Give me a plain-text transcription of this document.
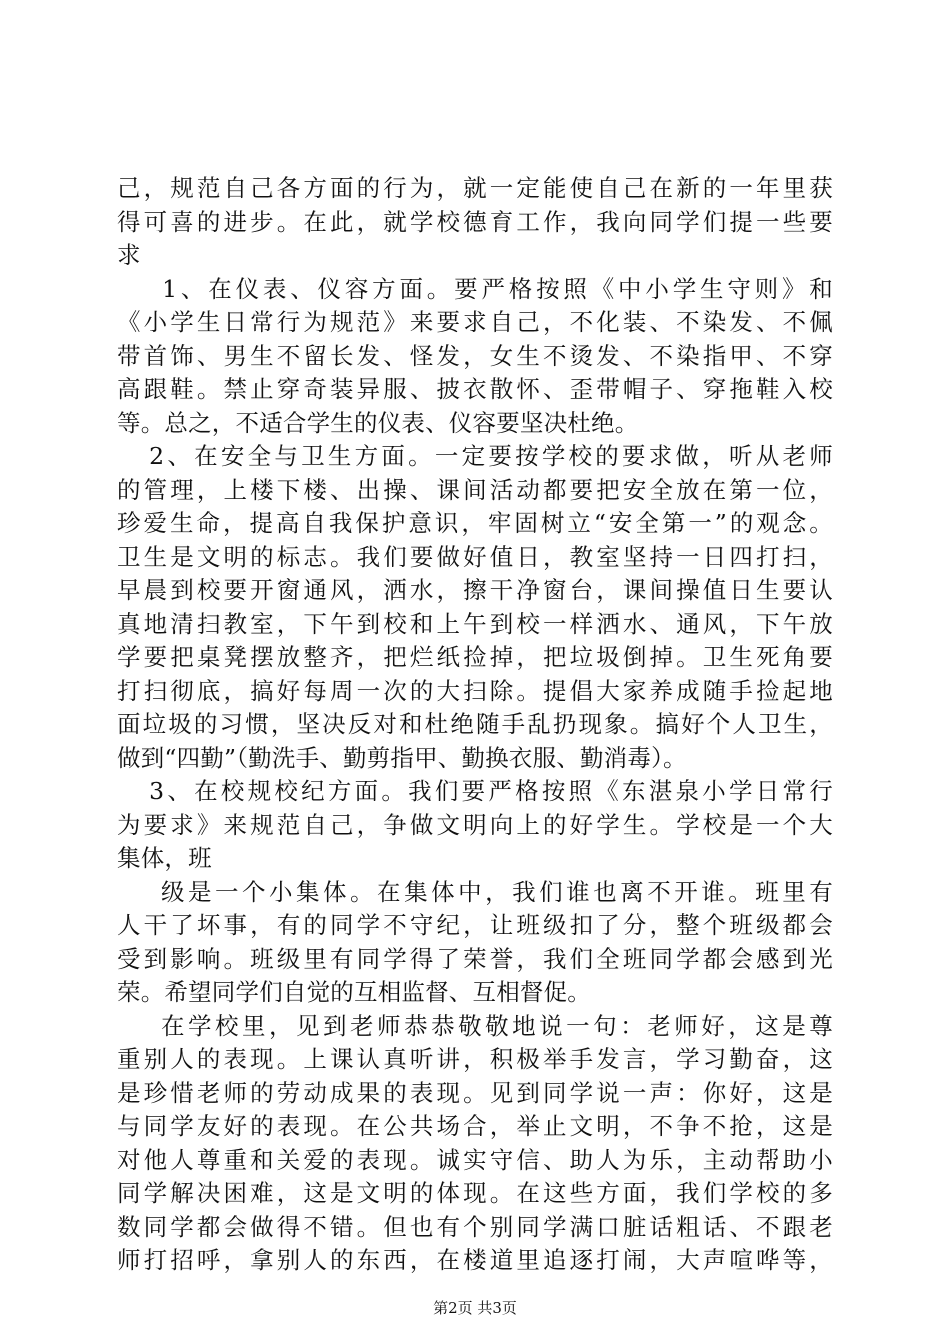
己，规范自己各方面的行为，就一定能使自己在新的一年里获
得可喜的进步。在此，就学校德育工作，我向同学们提一些要
求
1、在仪表、仪容方面。要严格按照《中小学生守则》和
《小学生日常行为规范》来要求自己，不化装、不染发、不佩
带首饰、男生不留长发、怪发，女生不烫发、不染指甲、不穿
高跟鞋。禁止穿奇装异服、披衣散怀、歪带帽子、穿拖鞋入校
等。总之，不适合学生的仪表、仪容要坚决杜绝。
2、在安全与卫生方面。一定要按学校的要求做，听从老师
的管理，上楼下楼、出操、课间活动都要把安全放在第一位，
珍爱生命，提高自我保护意识，牢固树立“安全第一”的观念。
卫生是文明的标志。我们要做好值日，教室坚持一日四打扫，
早晨到校要开窗通风，洒水，擦干净窗台，课间操值日生要认
真地清扫教室，下午到校和上午到校一样洒水、通风，下午放
学要把桌凳摆放整齐，把烂纸捡掉，把垃圾倒掉。卫生死角要
打扫彻底，搞好每周一次的大扫除。提倡大家养成随手捡起地
面垃圾的习惯，坚决反对和杜绝随手乱扔现象。搞好个人卫生，
做到“四勤”（勤洗手、勤剪指甲、勤换衣服、勤消毒）。
3、在校规校纪方面。我们要严格按照《东湛泉小学日常行
为要求》来规范自己，争做文明向上的好学生。学校是一个大
集体，班
级是一个小集体。在集体中，我们谁也离不开谁。班里有
人干了坏事，有的同学不守纪，让班级扣了分，整个班级都会
受到影响。班级里有同学得了荣誉，我们全班同学都会感到光
荣。希望同学们自觉的互相监督、互相督促。
在学校里，见到老师恭恭敬敬地说一句：老师好，这是尊
重别人的表现。上课认真听讲，积极举手发言，学习勤奋，这
是珍惜老师的劳动成果的表现。见到同学说一声：你好，这是
与同学友好的表现。在公共场合，举止文明，不争不抢，这是
对他人尊重和关爱的表现。诚实守信、助人为乐，主动帮助小
同学解决困难，这是文明的体现。在这些方面，我们学校的多
数同学都会做得不错。但也有个别同学满口脏话粗话、不跟老
师打招呼，拿别人的东西，在楼道里追逐打闹，大声喧哗等，
第2页 共3页
